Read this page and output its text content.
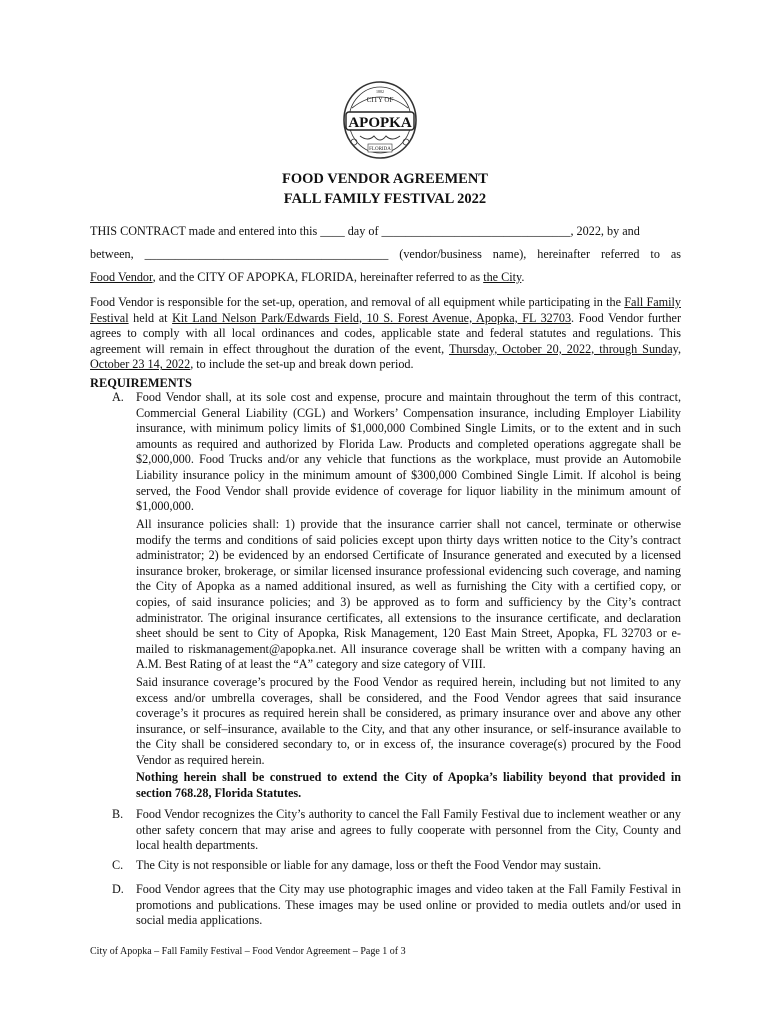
1882
CITY OF
APOPKA
FLORIDA
FOOD VENDOR AGREEMENT
FALL FAMILY FESTIVAL 2022
THIS CONTRACT made and entered into this ____ day of _______________________________, 2022, by and
between, ________________________________________ (vendor/business name), hereinafter referred to as
Food Vendor, and the CITY OF APOPKA, FLORIDA, hereinafter referred to as the City.
Food Vendor is responsible for the set-up, operation, and removal of all equipment while participating in the Fall Family Festival held at Kit Land Nelson Park/Edwards Field, 10 S. Forest Avenue, Apopka, FL 32703. Food Vendor further agrees to comply with all local ordinances and codes, applicable state and federal statutes and regulations. This agreement will remain in effect throughout the duration of the event, Thursday, October 20, 2022, through Sunday, October 23 14, 2022, to include the set-up and break down period.
REQUIREMENTS
A. Food Vendor shall, at its sole cost and expense, procure and maintain throughout the term of this contract, Commercial General Liability (CGL) and Workers’ Compensation insurance, including Employer Liability insurance, with minimum policy limits of $1,000,000 Combined Single Limits, or to the extent and in such amounts as required and authorized by Florida Law. Products and completed operations aggregate shall be $2,000,000. Food Trucks and/or any vehicle that functions as the workplace, must provide an Automobile Liability insurance policy in the minimum amount of $300,000 Combined Single Limit. If alcohol is being served, the Food Vendor shall provide evidence of coverage for liquor liability in the minimum amount of $1,000,000.
All insurance policies shall: 1) provide that the insurance carrier shall not cancel, terminate or otherwise modify the terms and conditions of said policies except upon thirty days written notice to the City’s contract administrator; 2) be evidenced by an endorsed Certificate of Insurance generated and executed by a licensed insurance broker, brokerage, or similar licensed insurance professional evidencing such coverage, and naming the City of Apopka as a named additional insured, as well as furnishing the City with a certified copy, or copies, of said insurance policies; and 3) be approved as to form and sufficiency by the City’s contract administrator. The original insurance certificates, all extensions to the insurance certificate, and declaration sheet should be sent to City of Apopka, Risk Management, 120 East Main Street, Apopka, FL 32703 or e-mailed to riskmanagement@apopka.net. All insurance coverage shall be written with a company having an A.M. Best Rating of at least the “A” category and size category of VIII.
Said insurance coverage’s procured by the Food Vendor as required herein, including but not limited to any excess and/or umbrella coverages, shall be considered, and the Food Vendor agrees that said insurance coverage’s it procures as required herein shall be considered, as primary insurance over and above any other insurance, or self–insurance, available to the City, and that any other insurance, or self-insurance available to the City shall be considered secondary to, or in excess of, the insurance coverage(s) procured by the Food Vendor as required herein.
Nothing herein shall be construed to extend the City of Apopka’s liability beyond that provided in section 768.28, Florida Statutes.
B. Food Vendor recognizes the City’s authority to cancel the Fall Family Festival due to inclement weather or any other safety concern that may arise and agrees to fully cooperate with personnel from the City, County and local health departments.
C. The City is not responsible or liable for any damage, loss or theft the Food Vendor may sustain.
D. Food Vendor agrees that the City may use photographic images and video taken at the Fall Family Festival in promotions and publications. These images may be used online or provided to media outlets and/or used in social media applications.
City of Apopka – Fall Family Festival – Food Vendor Agreement – Page 1 of 3
